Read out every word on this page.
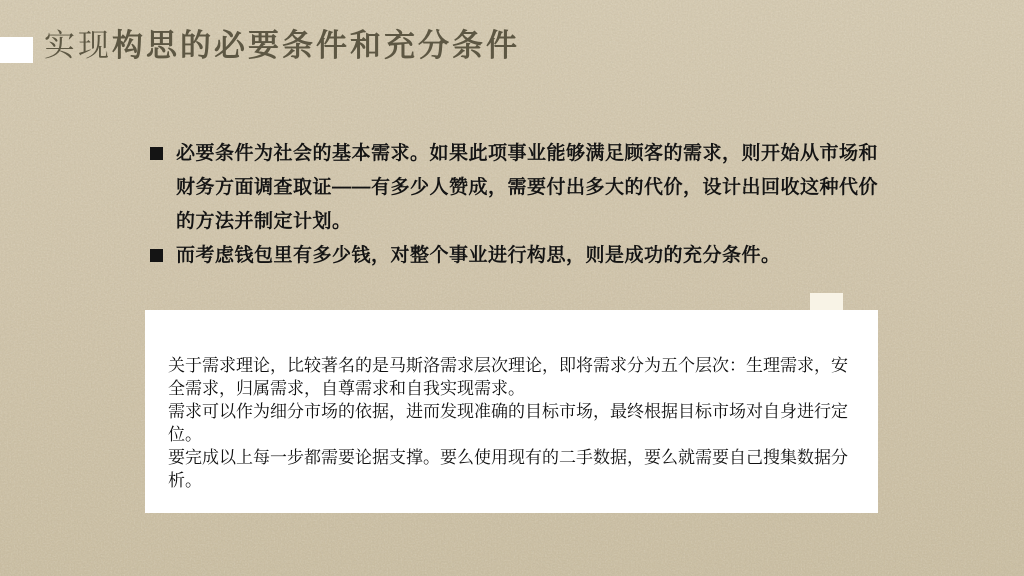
实现构思的必要条件和充分条件
必要条件为社会的基本需求。如果此项事业能够满足顾客的需求，则开始从市场和
财务方面调查取证——有多少人赞成，需要付出多大的代价，设计出回收这种代价
的方法并制定计划。
而考虑钱包里有多少钱，对整个事业进行构思，则是成功的充分条件。
关于需求理论，比较著名的是马斯洛需求层次理论，即将需求分为五个层次：生理需求，安
全需求，归属需求，自尊需求和自我实现需求。
需求可以作为细分市场的依据，进而发现准确的目标市场，最终根据目标市场对自身进行定
位。
要完成以上每一步都需要论据支撑。要么使用现有的二手数据，要么就需要自己搜集数据分
析。
